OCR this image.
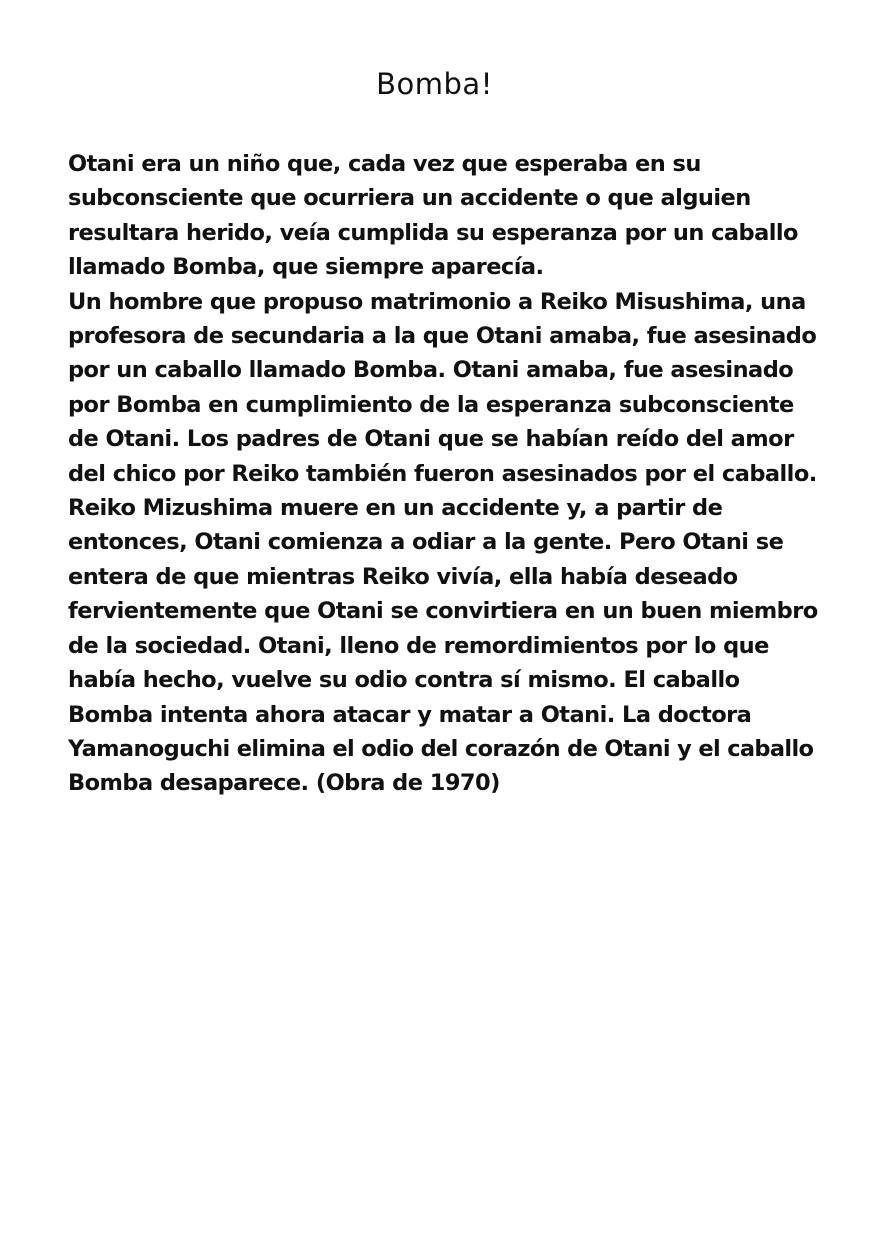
Bomba!
Otani era un niño que, cada vez que esperaba en su
subconsciente que ocurriera un accidente o que alguien
resultara herido, veía cumplida su esperanza por un caballo
llamado Bomba, que siempre aparecía.
Un hombre que propuso matrimonio a Reiko Misushima, una
profesora de secundaria a la que Otani amaba, fue asesinado
por un caballo llamado Bomba. Otani amaba, fue asesinado
por Bomba en cumplimiento de la esperanza subconsciente
de Otani. Los padres de Otani que se habían reído del amor
del chico por Reiko también fueron asesinados por el caballo.
Reiko Mizushima muere en un accidente y, a partir de
entonces, Otani comienza a odiar a la gente. Pero Otani se
entera de que mientras Reiko vivía, ella había deseado
fervientemente que Otani se convirtiera en un buen miembro
de la sociedad. Otani, lleno de remordimientos por lo que
había hecho, vuelve su odio contra sí mismo. El caballo
Bomba intenta ahora atacar y matar a Otani. La doctora
Yamanoguchi elimina el odio del corazón de Otani y el caballo
Bomba desaparece. (Obra de 1970)
